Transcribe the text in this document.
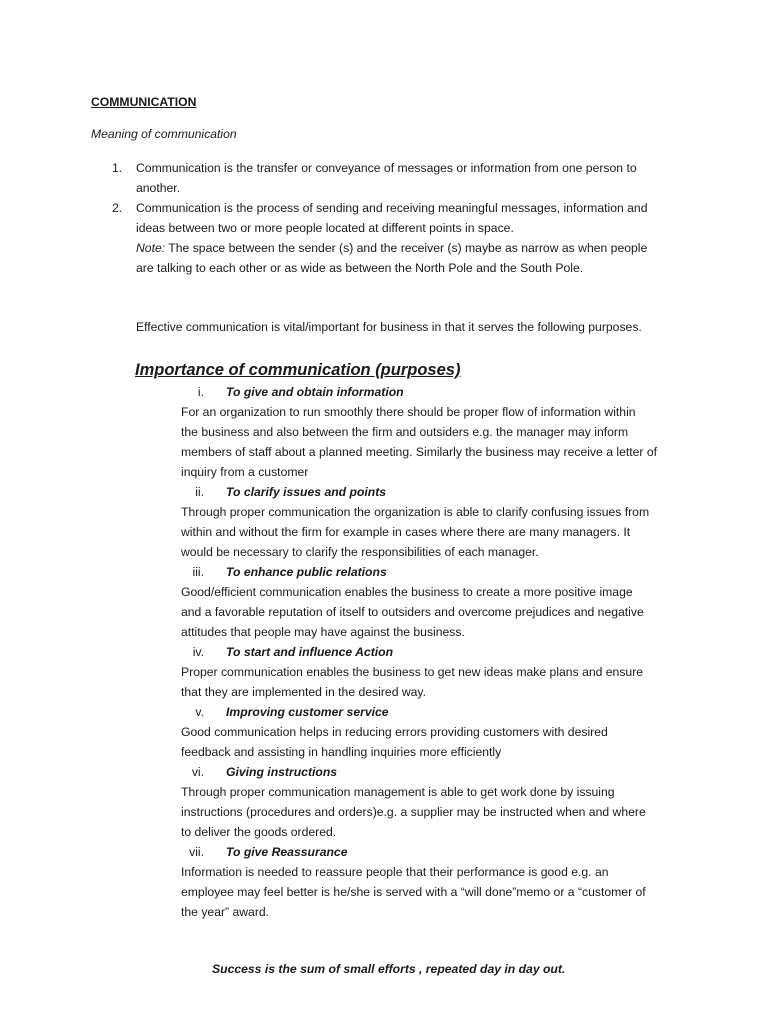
COMMUNICATION
Meaning of communication
1. Communication is the transfer or conveyance of messages or information from one person to
another.
2. Communication is the process of sending and receiving meaningful messages, information and
ideas between two or more people located at different points in space.
Note: The space between the sender (s) and the receiver (s) maybe as narrow as when people
are talking to each other or as wide as between the North Pole and the South Pole.
Effective communication is vital/important for business in that it serves the following purposes.
Importance of communication (purposes)
i. To give and obtain information
For an organization to run smoothly there should be proper flow of information within
the business and also between the firm and outsiders e.g. the manager may inform
members of staff about a planned meeting. Similarly the business may receive a letter of
inquiry from a customer
ii. To clarify issues and points
Through proper communication the organization is able to clarify confusing issues from
within and without the firm for example in cases where there are many managers. It
would be necessary to clarify the responsibilities of each manager.
iii. To enhance public relations
Good/efficient communication enables the business to create a more positive image
and a favorable reputation of itself to outsiders and overcome prejudices and negative
attitudes that people may have against the business.
iv. To start and influence Action
Proper communication enables the business to get new ideas make plans and ensure
that they are implemented in the desired way.
v. Improving customer service
Good communication helps in reducing errors providing customers with desired
feedback and assisting in handling inquiries more efficiently
vi. Giving instructions
Through proper communication management is able to get work done by issuing
instructions (procedures and orders)e.g. a supplier may be instructed when and where
to deliver the goods ordered.
vii. To give Reassurance
Information is needed to reassure people that their performance is good e.g. an
employee may feel better is he/she is served with a “will done”memo or a “customer of
the year” award.
Success is the sum of small efforts , repeated day in day out.
